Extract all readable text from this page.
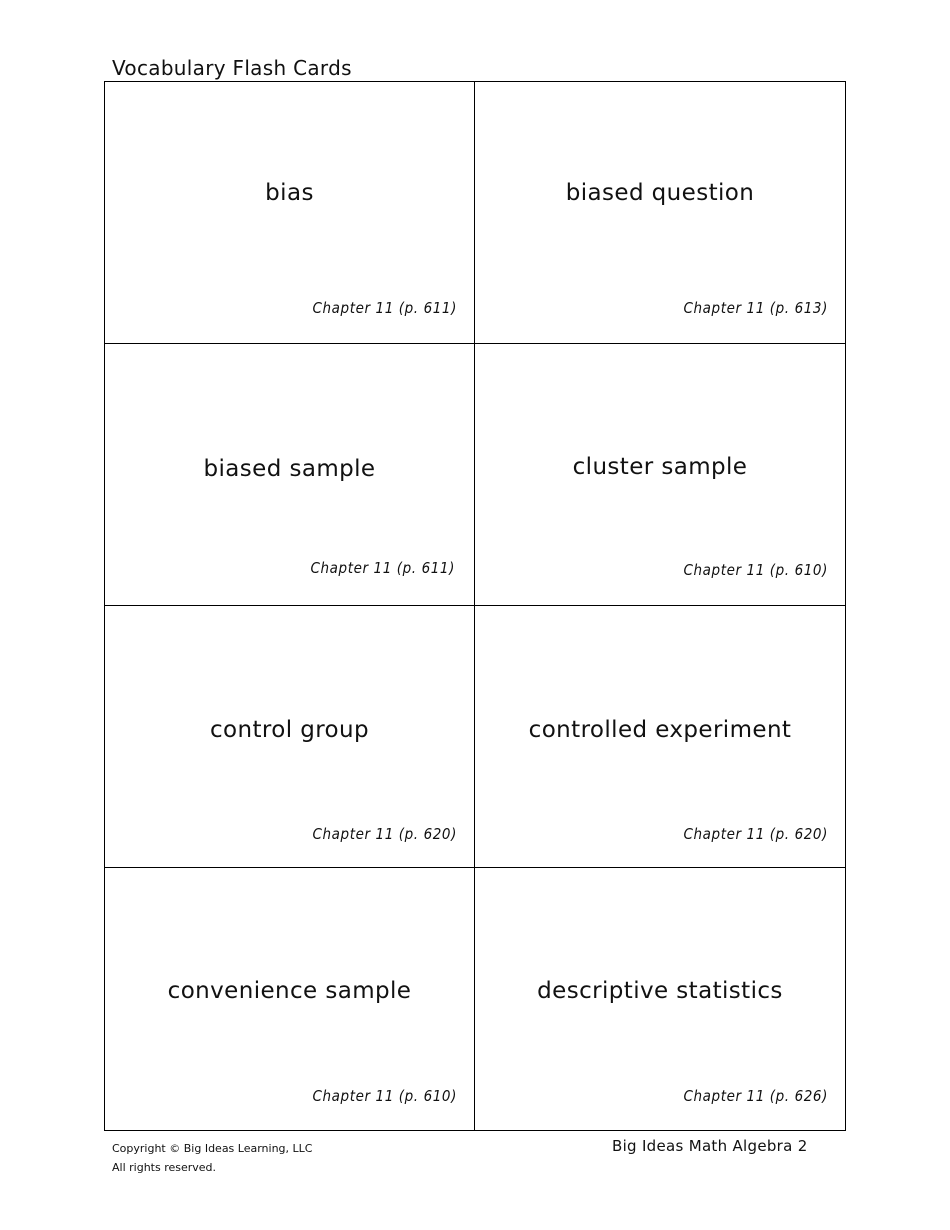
Vocabulary Flash Cards
bias
Chapter 11 (p. 611)
biased question
Chapter 11 (p. 613)
biased sample
Chapter 11 (p. 611)
cluster sample
Chapter 11 (p. 610)
control group
Chapter 11 (p. 620)
controlled experiment
Chapter 11 (p. 620)
convenience sample
Chapter 11 (p. 610)
descriptive statistics
Chapter 11 (p. 626)
Copyright © Big Ideas Learning, LLC
All rights reserved.
Big Ideas Math Algebra 2
